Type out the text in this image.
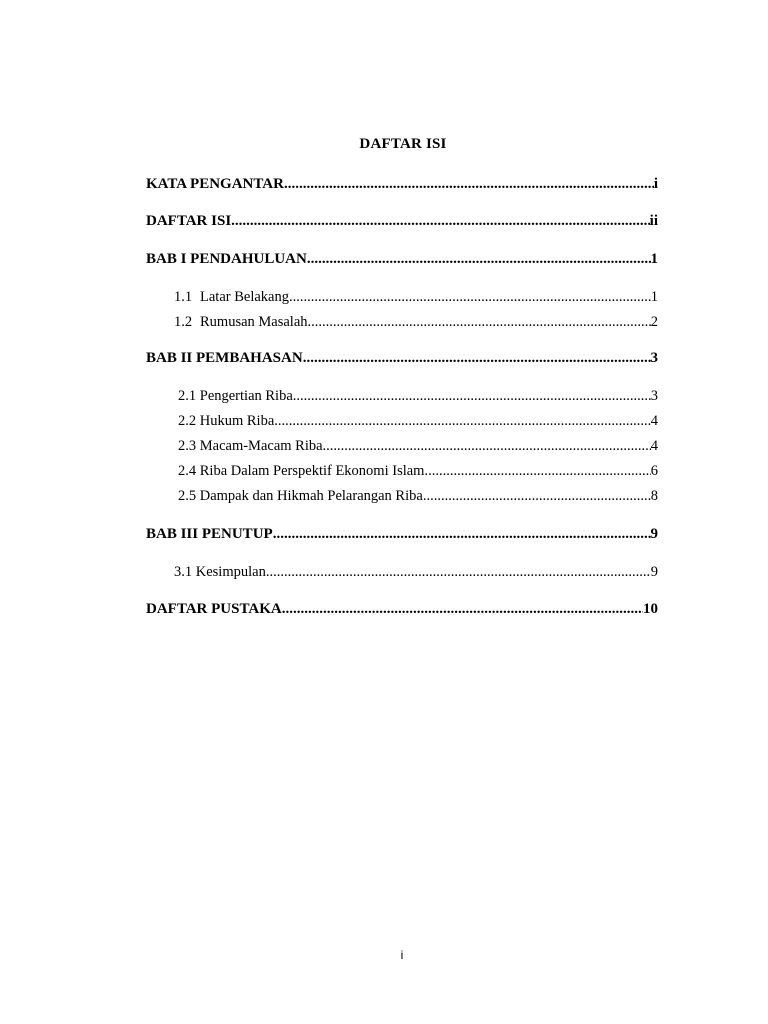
DAFTAR ISI
KATA PENGANTAR .....	i
DAFTAR ISI .....	ii
BAB I PENDAHULUAN .....	1
1.1 Latar Belakang .....	1
1.2 Rumusan Masalah .....	2
BAB II PEMBAHASAN .....	3
2.1 Pengertian Riba .....	3
2.2 Hukum Riba .....	4
2.3 Macam-Macam Riba .....	4
2.4 Riba Dalam Perspektif Ekonomi Islam .....	6
2.5 Dampak dan Hikmah Pelarangan Riba .....	8
BAB III PENUTUP .....	9
3.1 Kesimpulan .....	9
DAFTAR PUSTAKA .....	10
i
